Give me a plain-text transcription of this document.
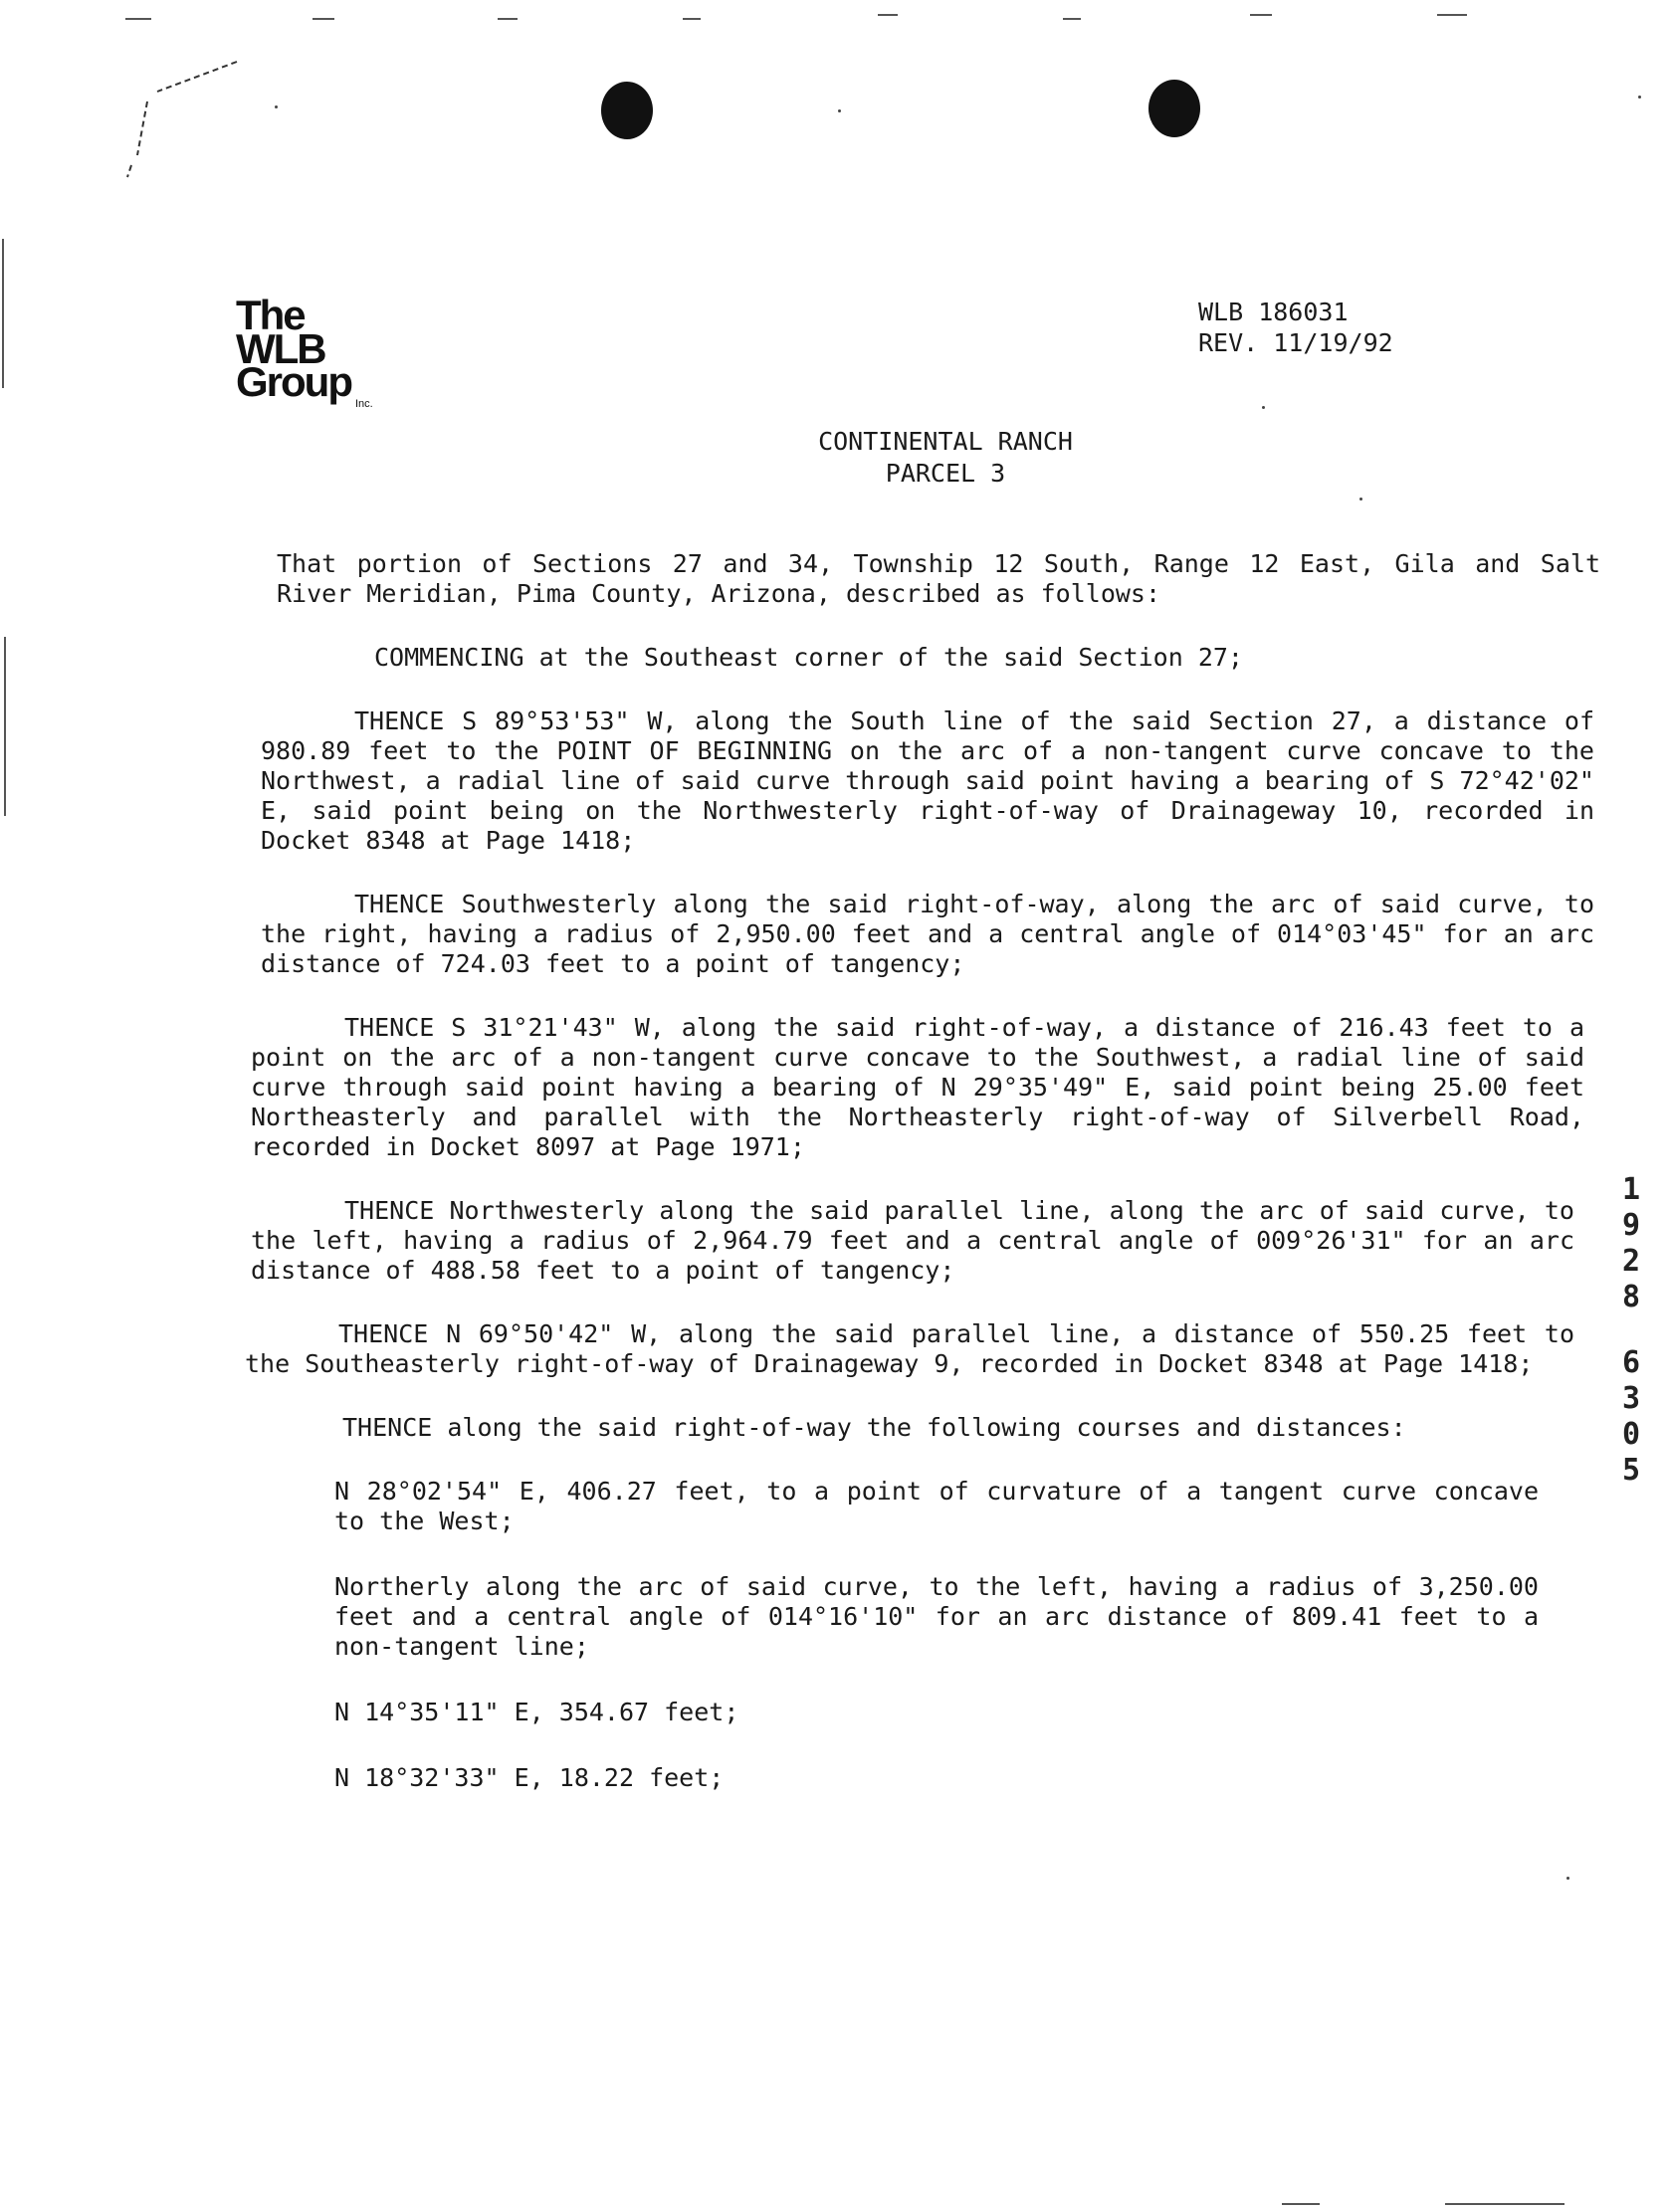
The
WLB
Group Inc.
WLB 186031
REV. 11/19/92
CONTINENTAL RANCH
PARCEL 3

That portion of Sections 27 and 34, Township 12 South, Range 12 East, Gila and Salt River Meridian, Pima County, Arizona, described as follows:

COMMENCING at the Southeast corner of the said Section 27;

THENCE S 89°53'53" W, along the South line of the said Section 27, a distance of 980.89 feet to the POINT OF BEGINNING on the arc of a non-tangent curve concave to the Northwest, a radial line of said curve through said point having a bearing of S 72°42'02" E, said point being on the Northwesterly right-of-way of Drainageway 10, recorded in Docket 8348 at Page 1418;

THENCE Southwesterly along the said right-of-way, along the arc of said curve, to the right, having a radius of 2,950.00 feet and a central angle of 014°03'45" for an arc distance of 724.03 feet to a point of tangency;

THENCE S 31°21'43" W, along the said right-of-way, a distance of 216.43 feet to a point on the arc of a non-tangent curve concave to the Southwest, a radial line of said curve through said point having a bearing of N 29°35'49" E, said point being 25.00 feet Northeasterly and parallel with the Northeasterly right-of-way of Silverbell Road, recorded in Docket 8097 at Page 1971;

THENCE Northwesterly along the said parallel line, along the arc of said curve, to the left, having a radius of 2,964.79 feet and a central angle of 009°26'31" for an arc distance of 488.58 feet to a point of tangency;

THENCE N 69°50'42" W, along the said parallel line, a distance of 550.25 feet to the Southeasterly right-of-way of Drainageway 9, recorded in Docket 8348 at Page 1418;

THENCE along the said right-of-way the following courses and distances:

N 28°02'54" E, 406.27 feet, to a point of curvature of a tangent curve concave to the West;

Northerly along the arc of said curve, to the left, having a radius of 3,250.00 feet and a central angle of 014°16'10" for an arc distance of 809.41 feet to a non-tangent line;

N 14°35'11" E, 354.67 feet;

N 18°32'33" E, 18.22 feet;

1
9
2
8
6
3
0
5
